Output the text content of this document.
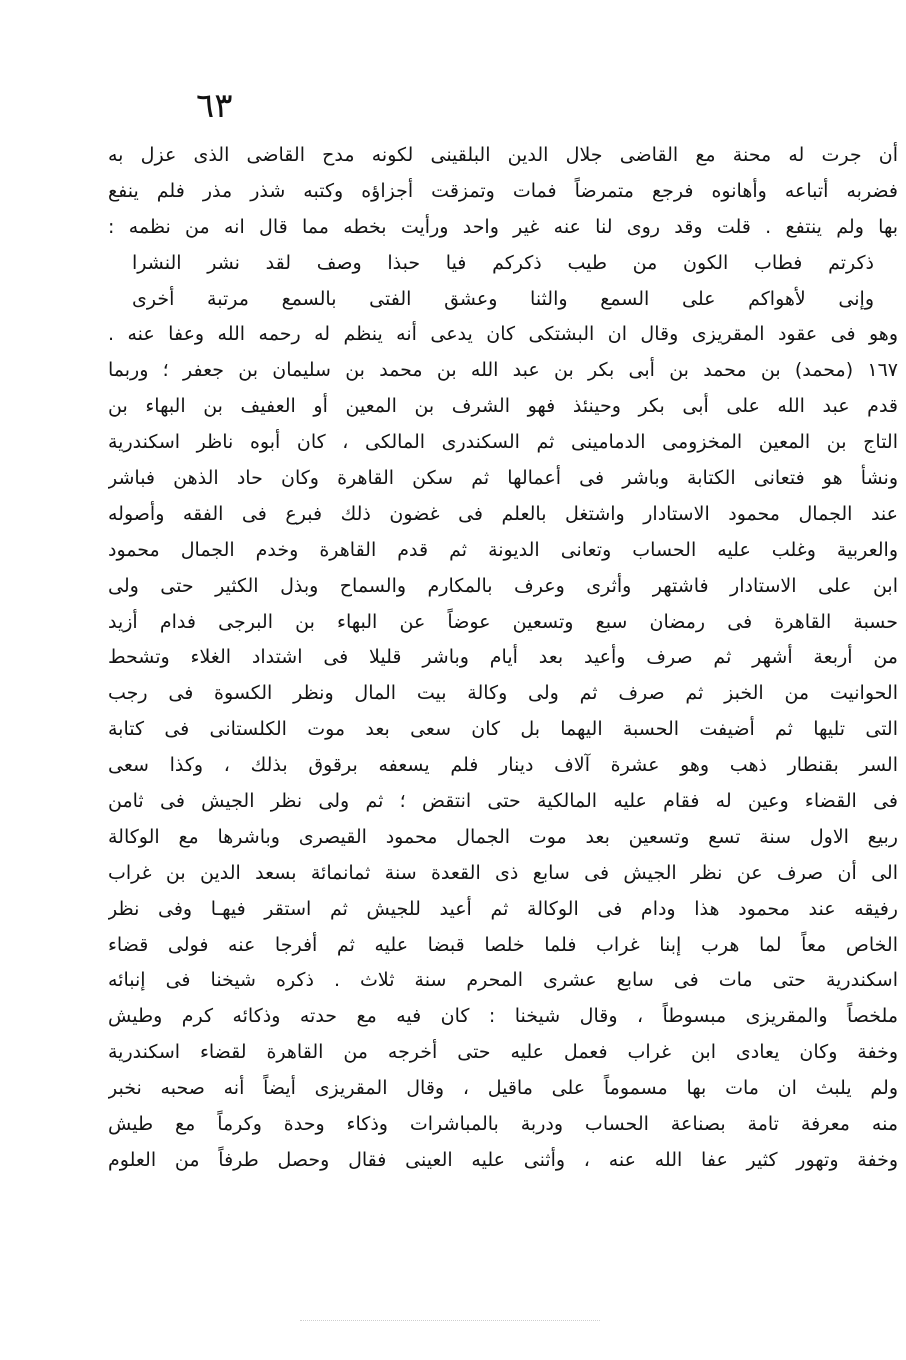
٦٣
أن جرت له محنة مع القاضى جلال الدين البلقينى لكونه مدح القاضى الذى عزل به
فضربه أتباعه وأهانوه فرجع متمرضاً فمات وتمزقت أجزاؤه وكتبه شذر مذر فلم ينفع
بها ولم ينتفع . قلت وقد روى لنا عنه غير واحد ورأيت بخطه مما قال انه من نظمه :
ذكرتم فطاب الكون من طيب ذكركم فيا حبذا وصف لقد نشر النشرا
وإنى لأهواكم على السمع والثنا وعشق الفتى بالسمع مرتبة أخرى
وهو فى عقود المقريزى وقال ان البشتكى كان يدعى أنه ينظم له رحمه الله وعفا عنه .
١٦٧ (محمد) بن محمد بن أبى بكر بن عبد الله بن محمد بن سليمان بن جعفر ؛ وربما
قدم عبد الله على أبى بكر وحينئذ فهو الشرف بن المعين أو العفيف بن البهاء بن
التاج بن المعين المخزومى الدمامينى ثم السكندرى المالكى ، كان أبوه ناظر اسكندرية
ونشأ هو فتعانى الكتابة وباشر فى أعمالها ثم سكن القاهرة وكان حاد الذهن فباشر
عند الجمال محمود الاستادار واشتغل بالعلم فى غضون ذلك فبرع فى الفقه وأصوله
والعربية وغلب عليه الحساب وتعانى الديونة ثم قدم القاهرة وخدم الجمال محمود
ابن على الاستادار فاشتهر وأثرى وعرف بالمكارم والسماح وبذل الكثير حتى ولى
حسبة القاهرة فى رمضان سبع وتسعين عوضاً عن البهاء بن البرجى فدام أزيد
من أربعة أشهر ثم صرف وأعيد بعد أيام وباشر قليلا فى اشتداد الغلاء وتشحط
الحوانيت من الخبز ثم صرف ثم ولى وكالة بيت المال ونظر الكسوة فى رجب
التى تليها ثم أضيفت الحسبة اليهما بل كان سعى بعد موت الكلستانى فى كتابة
السر بقنطار ذهب وهو عشرة آلاف دينار فلم يسعفه برقوق بذلك ، وكذا سعى
فى القضاء وعين له فقام عليه المالكية حتى انتقض ؛ ثم ولى نظر الجيش فى ثامن
ربيع الاول سنة تسع وتسعين بعد موت الجمال محمود القيصرى وباشرها مع الوكالة
الى أن صرف عن نظر الجيش فى سابع ذى القعدة سنة ثمانمائة بسعد الدين بن غراب
رفيقه عند محمود هذا ودام فى الوكالة ثم أعيد للجيش ثم استقر فيهـا وفى نظر
الخاص معاً لما هرب إبنا غراب فلما خلصا قبضا عليه ثم أفرجا عنه فولى قضاء
اسكندرية حتى مات فى سابع عشرى المحرم سنة ثلاث . ذكره شيخنا فى إنبائه
ملخصاً والمقريزى مبسوطاً ، وقال شيخنا : كان فيه مع حدته وذكائه كرم وطيش
وخفة وكان يعادى ابن غراب فعمل عليه حتى أخرجه من القاهرة لقضاء اسكندرية
ولم يلبث ان مات بها مسموماً على ماقيل ، وقال المقريزى أيضاً أنه صحبه نخبر
منه معرفة تامة بصناعة الحساب ودربة بالمباشرات وذكاء وحدة وكرماً مع طيش
وخفة وتهور كثير عفا الله عنه ، وأثنى عليه العينى فقال وحصل طرفاً من العلوم
